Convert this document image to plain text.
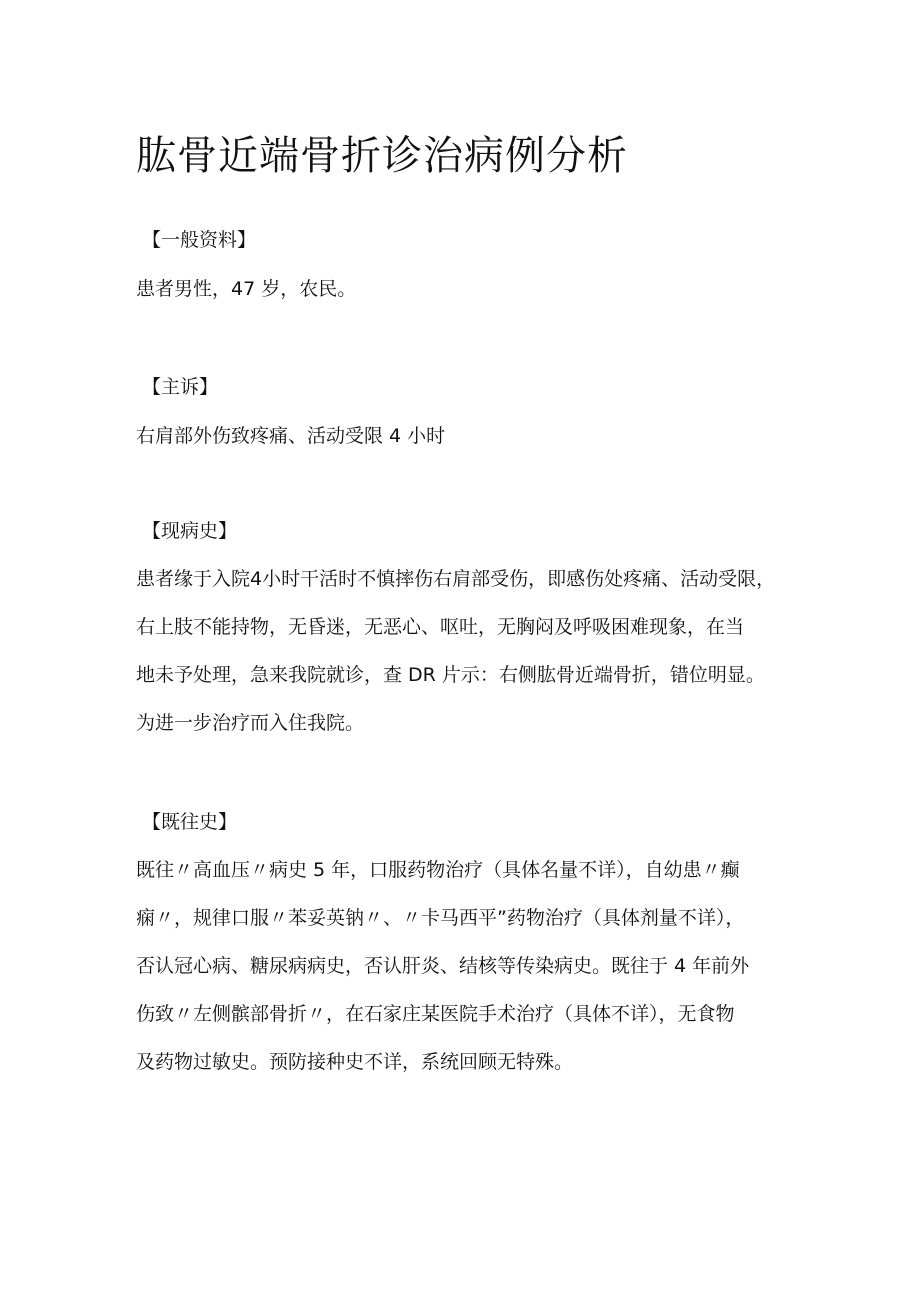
肱骨近端骨折诊治病例分析
【一般资料】
患者男性，47 岁，农民。
【主诉】
右肩部外伤致疼痛、活动受限 4 小时
【现病史】
患者缘于入院4小时干活时不慎摔伤右肩部受伤，即感伤处疼痛、活动受限，
右上肢不能持物，无昏迷，无恶心、呕吐，无胸闷及呼吸困难现象，在当
地未予处理，急来我院就诊，查 DR 片示：右侧肱骨近端骨折，错位明显。
为进一步治疗而入住我院。
【既往史】
既往〃高血压〃病史 5 年，口服药物治疗（具体名量不详），自幼患〃癫
痫〃，规律口服〃苯妥英钠〃、〃卡马西平”药物治疗（具体剂量不详），
否认冠心病、糖尿病病史，否认肝炎、结核等传染病史。既往于 4 年前外
伤致〃左侧髌部骨折〃，在石家庄某医院手术治疗（具体不详），无食物
及药物过敏史。预防接种史不详，系统回顾无特殊。
